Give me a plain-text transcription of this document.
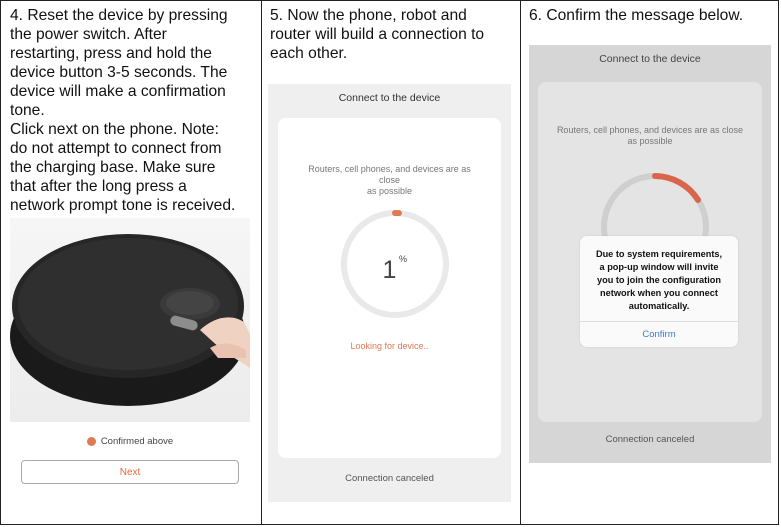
4. Reset the device by pressing
the power switch. After
restarting, press and hold the
device button 3-5 seconds. The
device will make a confirmation
tone.
Click next on the phone. Note:
do not attempt to connect from
the charging base. Make sure
that after the long press a
network prompt tone is received.
Confirmed above
Next
5. Now the phone, robot and
router will build a connection to
each other.
Connect to the device
Routers, cell phones, and devices are as close
as possible
1 %
Looking for device..
Connection canceled
6. Confirm the message below.
Connect to the device
Routers, cell phones, and devices are as close
as possible
Due to system requirements,
a pop-up window will invite
you to join the configuration
network when you connect
automatically.
Confirm
Connection canceled
